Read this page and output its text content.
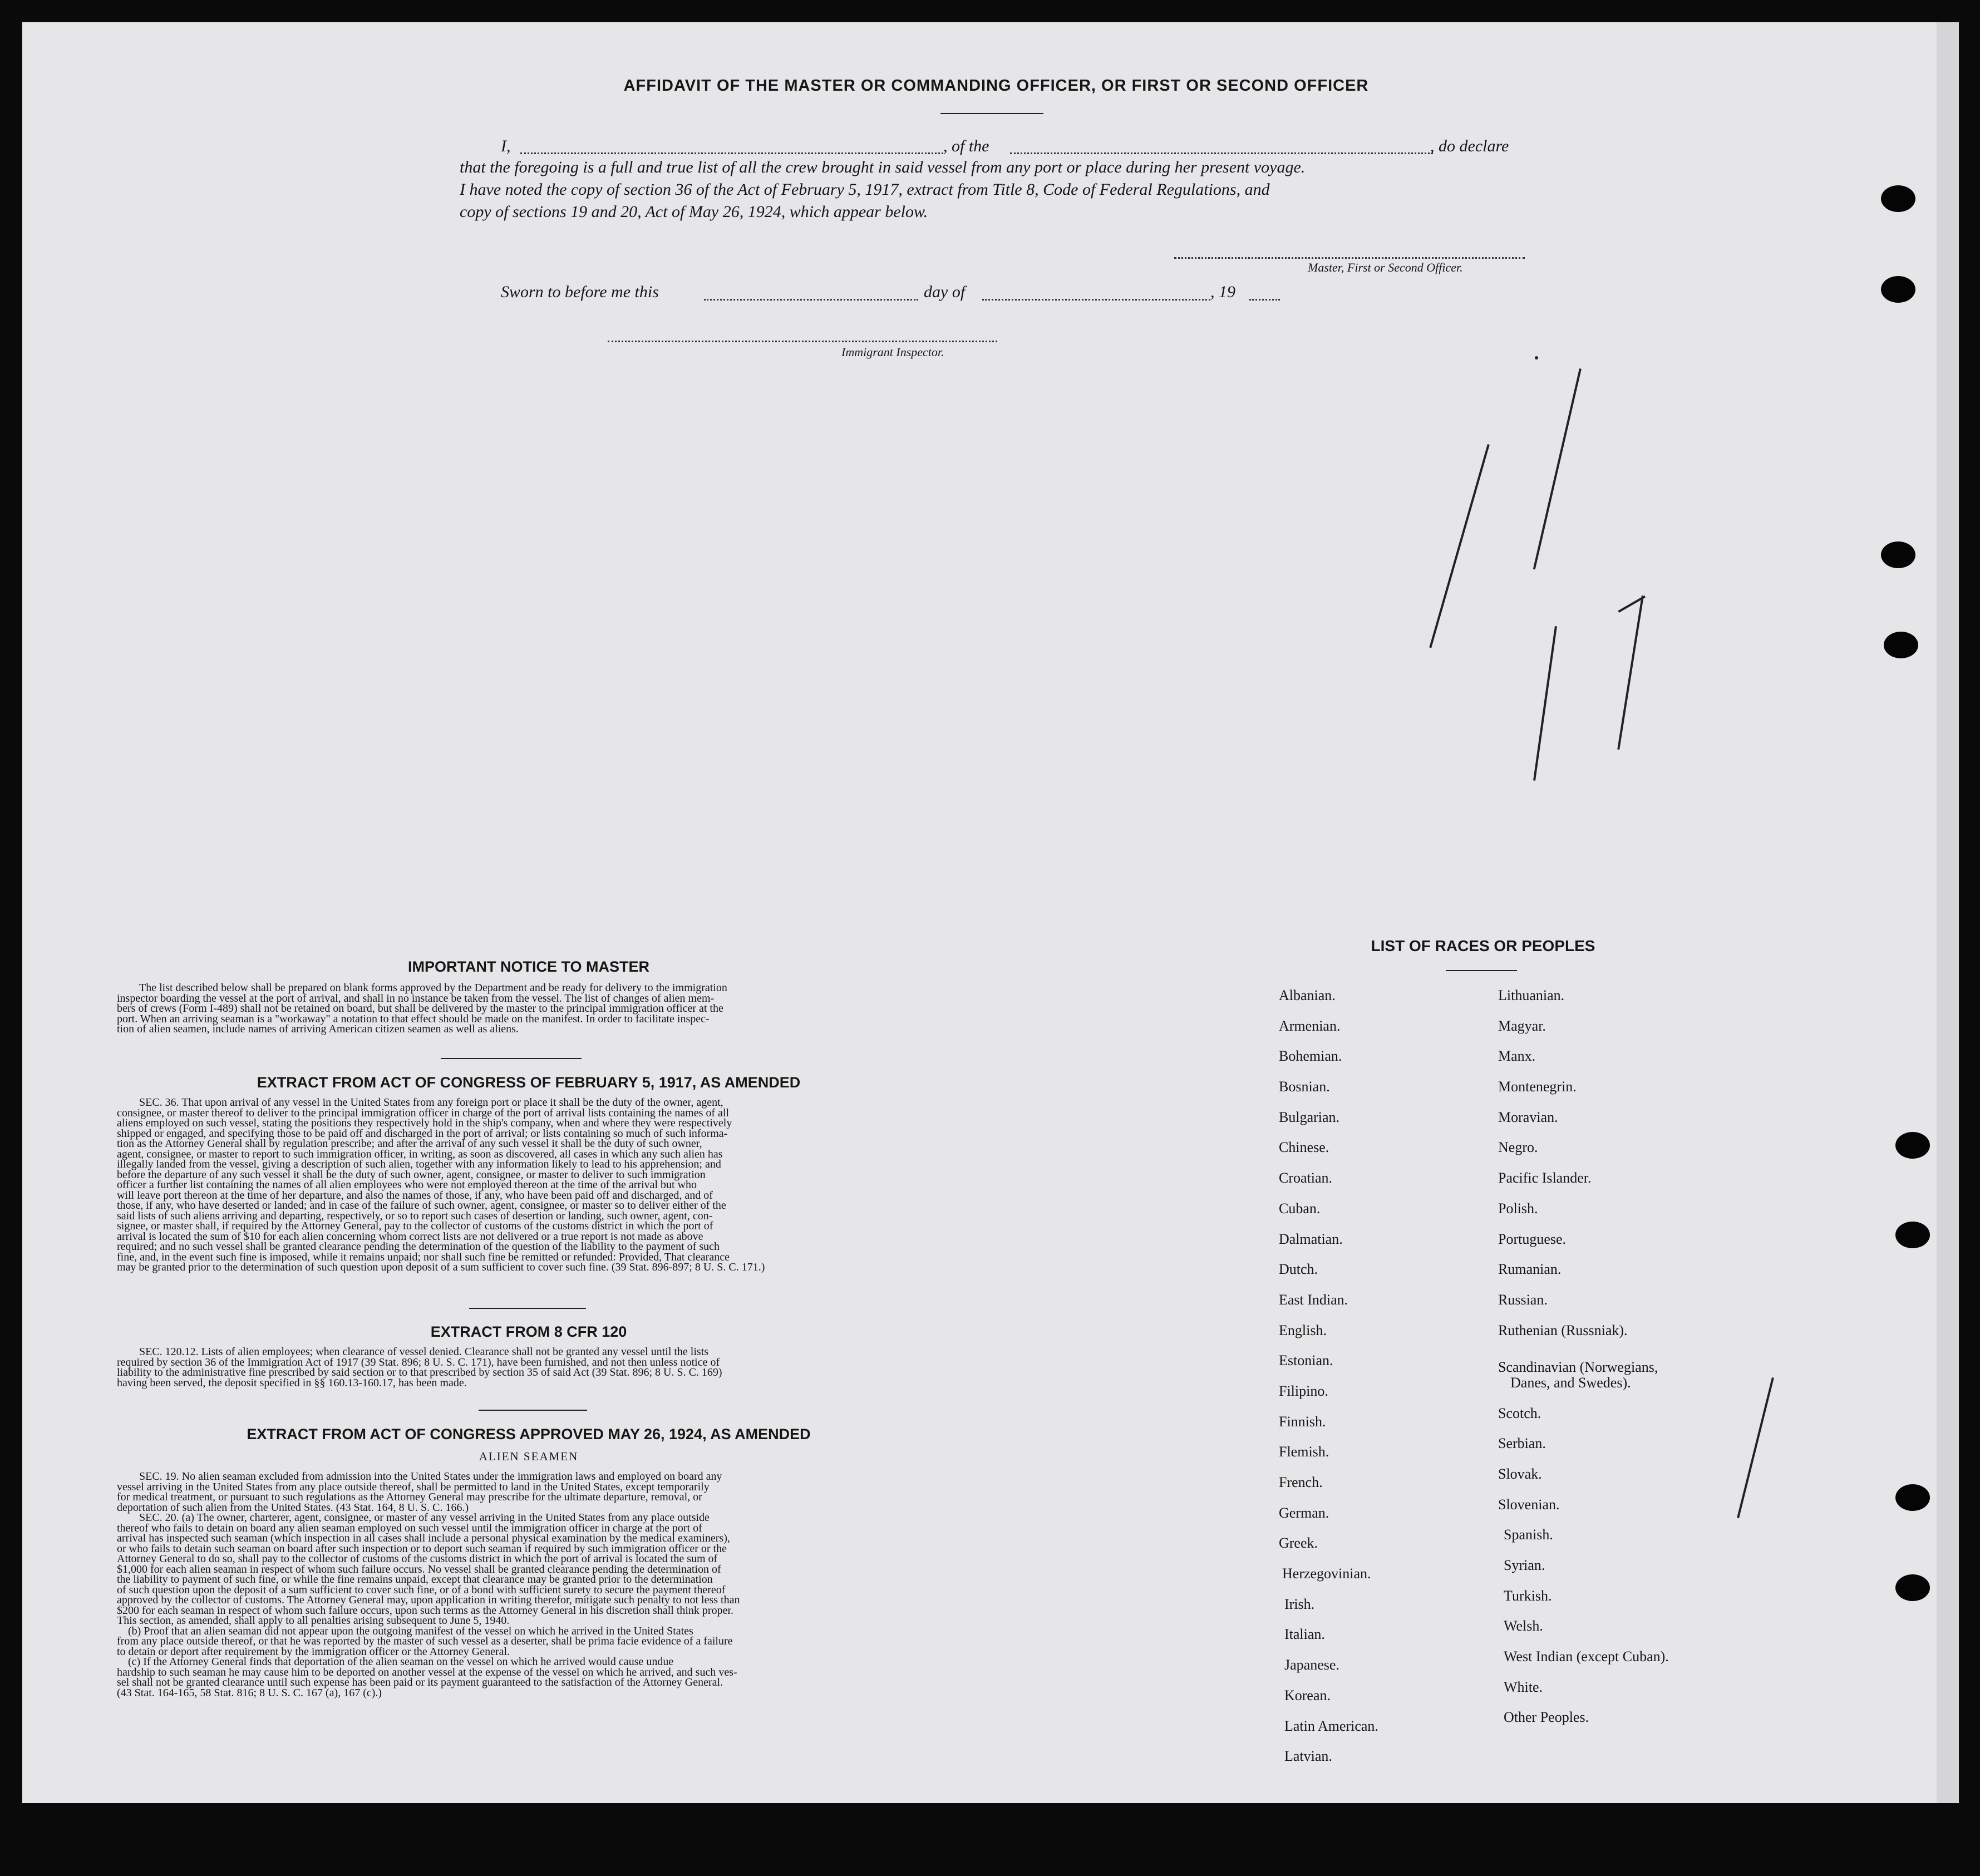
AFFIDAVIT OF THE MASTER OR COMMANDING OFFICER, OR FIRST OR SECOND OFFICER
I,	, of the	, do declare
that the foregoing is a full and true list of all the crew brought in said vessel from any port or place during her present voyage.
I have noted the copy of section 36 of the Act of February 5, 1917, extract from Title 8, Code of Federal Regulations, and
copy of sections 19 and 20, Act of May 26, 1924, which appear below.
Master, First or Second Officer.
Sworn to before me this	day of	, 19
Immigrant Inspector.
IMPORTANT NOTICE TO MASTER
The list described below shall be prepared on blank forms approved by the Department and be ready for delivery to the immigration
inspector boarding the vessel at the port of arrival, and shall in no instance be taken from the vessel. The list of changes of alien mem-
bers of crews (Form I-489) shall not be retained on board, but shall be delivered by the master to the principal immigration officer at the
port. When an arriving seaman is a "workaway" a notation to that effect should be made on the manifest. In order to facilitate inspec-
tion of alien seamen, include names of arriving American citizen seamen as well as aliens.
EXTRACT FROM ACT OF CONGRESS OF FEBRUARY 5, 1917, AS AMENDED
SEC. 36. That upon arrival of any vessel in the United States from any foreign port or place it shall be the duty of the owner, agent,
consignee, or master thereof to deliver to the principal immigration officer in charge of the port of arrival lists containing the names of all
aliens employed on such vessel, stating the positions they respectively hold in the ship's company, when and where they were respectively
shipped or engaged, and specifying those to be paid off and discharged in the port of arrival; or lists containing so much of such informa-
tion as the Attorney General shall by regulation prescribe; and after the arrival of any such vessel it shall be the duty of such owner,
agent, consignee, or master to report to such immigration officer, in writing, as soon as discovered, all cases in which any such alien has
illegally landed from the vessel, giving a description of such alien, together with any information likely to lead to his apprehension; and
before the departure of any such vessel it shall be the duty of such owner, agent, consignee, or master to deliver to such immigration
officer a further list containing the names of all alien employees who were not employed thereon at the time of the arrival but who
will leave port thereon at the time of her departure, and also the names of those, if any, who have been paid off and discharged, and of
those, if any, who have deserted or landed; and in case of the failure of such owner, agent, consignee, or master so to deliver either of the
said lists of such aliens arriving and departing, respectively, or so to report such cases of desertion or landing, such owner, agent, con-
signee, or master shall, if required by the Attorney General, pay to the collector of customs of the customs district in which the port of
arrival is located the sum of $10 for each alien concerning whom correct lists are not delivered or a true report is not made as above
required; and no such vessel shall be granted clearance pending the determination of the question of the liability to the payment of such
fine, and, in the event such fine is imposed, while it remains unpaid; nor shall such fine be remitted or refunded: Provided, That clearance
may be granted prior to the determination of such question upon deposit of a sum sufficient to cover such fine. (39 Stat. 896-897; 8 U. S. C. 171.)
EXTRACT FROM 8 CFR 120
SEC. 120.12. Lists of alien employees; when clearance of vessel denied. Clearance shall not be granted any vessel until the lists
required by section 36 of the Immigration Act of 1917 (39 Stat. 896; 8 U. S. C. 171), have been furnished, and not then unless notice of
liability to the administrative fine prescribed by said section or to that prescribed by section 35 of said Act (39 Stat. 896; 8 U. S. C. 169)
having been served, the deposit specified in §§ 160.13-160.17, has been made.
EXTRACT FROM ACT OF CONGRESS APPROVED MAY 26, 1924, AS AMENDED
ALIEN SEAMEN
SEC. 19. No alien seaman excluded from admission into the United States under the immigration laws and employed on board any
vessel arriving in the United States from any place outside thereof, shall be permitted to land in the United States, except temporarily
for medical treatment, or pursuant to such regulations as the Attorney General may prescribe for the ultimate departure, removal, or
deportation of such alien from the United States. (43 Stat. 164, 8 U. S. C. 166.)
SEC. 20. (a) The owner, charterer, agent, consignee, or master of any vessel arriving in the United States from any place outside
thereof who fails to detain on board any alien seaman employed on such vessel until the immigration officer in charge at the port of
arrival has inspected such seaman (which inspection in all cases shall include a personal physical examination by the medical examiners),
or who fails to detain such seaman on board after such inspection or to deport such seaman if required by such immigration officer or the
Attorney General to do so, shall pay to the collector of customs of the customs district in which the port of arrival is located the sum of
$1,000 for each alien seaman in respect of whom such failure occurs. No vessel shall be granted clearance pending the determination of
the liability to payment of such fine, or while the fine remains unpaid, except that clearance may be granted prior to the determination
of such question upon the deposit of a sum sufficient to cover such fine, or of a bond with sufficient surety to secure the payment thereof
approved by the collector of customs. The Attorney General may, upon application in writing therefor, mitigate such penalty to not less than
$200 for each seaman in respect of whom such failure occurs, upon such terms as the Attorney General in his discretion shall think proper.
This section, as amended, shall apply to all penalties arising subsequent to June 5, 1940.
(b) Proof that an alien seaman did not appear upon the outgoing manifest of the vessel on which he arrived in the United States
from any place outside thereof, or that he was reported by the master of such vessel as a deserter, shall be prima facie evidence of a failure
to detain or deport after requirement by the immigration officer or the Attorney General.
(c) If the Attorney General finds that deportation of the alien seaman on the vessel on which he arrived would cause undue
hardship to such seaman he may cause him to be deported on another vessel at the expense of the vessel on which he arrived, and such ves-
sel shall not be granted clearance until such expense has been paid or its payment guaranteed to the satisfaction of the Attorney General.
(43 Stat. 164-165, 58 Stat. 816; 8 U. S. C. 167 (a), 167 (c).)
LIST OF RACES OR PEOPLES
Albanian.
Armenian.
Bohemian.
Bosnian.
Bulgarian.
Chinese.
Croatian.
Cuban.
Dalmatian.
Dutch.
East Indian.
English.
Estonian.
Filipino.
Finnish.
Flemish.
French.
German.
Greek.
Herzegovinian.
Irish.
Italian.
Japanese.
Korean.
Latin American.
Latvian.
Lithuanian.
Magyar.
Manx.
Montenegrin.
Moravian.
Negro.
Pacific Islander.
Polish.
Portuguese.
Rumanian.
Russian.
Ruthenian (Russniak).
Scandinavian (Norwegians,
Danes, and Swedes).
Scotch.
Serbian.
Slovak.
Slovenian.
Spanish.
Syrian.
Turkish.
Welsh.
West Indian (except Cuban).
White.
Other Peoples.
